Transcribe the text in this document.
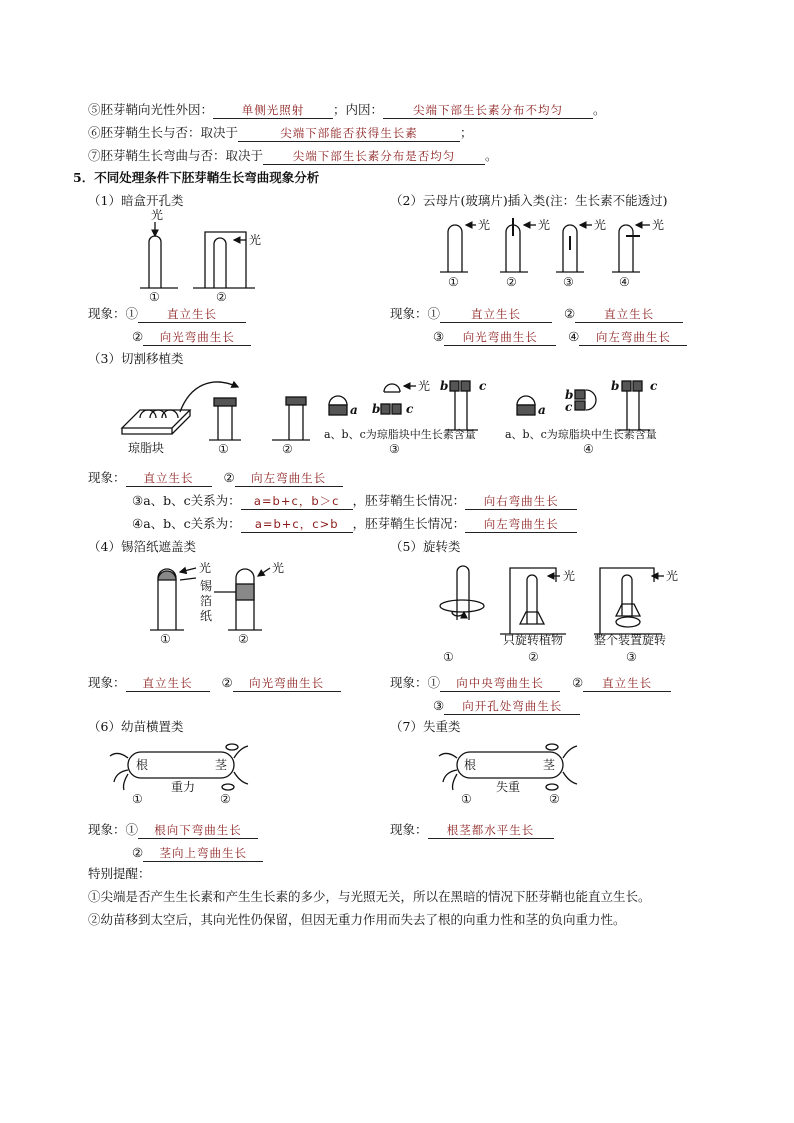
⑤胚芽鞘向光性外因：	单侧光照射 ；内因：	尖端下部生长素分布不均匀 。
⑥胚芽鞘生长与否：取决于	尖端下部能否获得生长素	；
⑦胚芽鞘生长弯曲与否：取决于	尖端下部生长素分布是否均匀 。
5．不同处理条件下胚芽鞘生长弯曲现象分析
（1）暗盒开孔类	（2）云母片(玻璃片)插入类(注：生长素不能透过)
光
光
①	②
光	光	光	光
①	②	③	④
琼脂块	①	②
a b c
光 b	c
a、b、c为琼脂块中生长素含量
③
a
b
c
b	c
a、b、c为琼脂块中生长素含量
④
光
锡
箔
纸
光
①	②
光	光
只旋转植物	整个装置旋转
①	②	③
根	茎
重力
①	②
根	茎
失重
①	②
现象：①	直立生长
② 向光弯曲生长
现象：①	直立生长	②	直立生长
③ 向光弯曲生长 ④ 向左弯曲生长
（3）切割移植类
现象： 直立生长 ② 向左弯曲生长
③a、b、c关系为： a=b+c，b＞c ，胚芽鞘生长情况： 向右弯曲生长
④a、b、c关系为： a=b+c，c>b ，胚芽鞘生长情况： 向左弯曲生长
（4）锡箔纸遮盖类	（5）旋转类
现象： 直立生长 ② 向光弯曲生长	现象：① 向中央弯曲生长 ② 直立生长
③ 向开孔处弯曲生长
（6）幼苗横置类	（7）失重类
现象：① 根向下弯曲生长
② 茎向上弯曲生长
现象： 根茎都水平生长
特别提醒：
①尖端是否产生生长素和产生生长素的多少，与光照无关，所以在黑暗的情况下胚芽鞘也能直立生长。
②幼苗移到太空后，其向光性仍保留，但因无重力作用而失去了根的向重力性和茎的负向重力性。
